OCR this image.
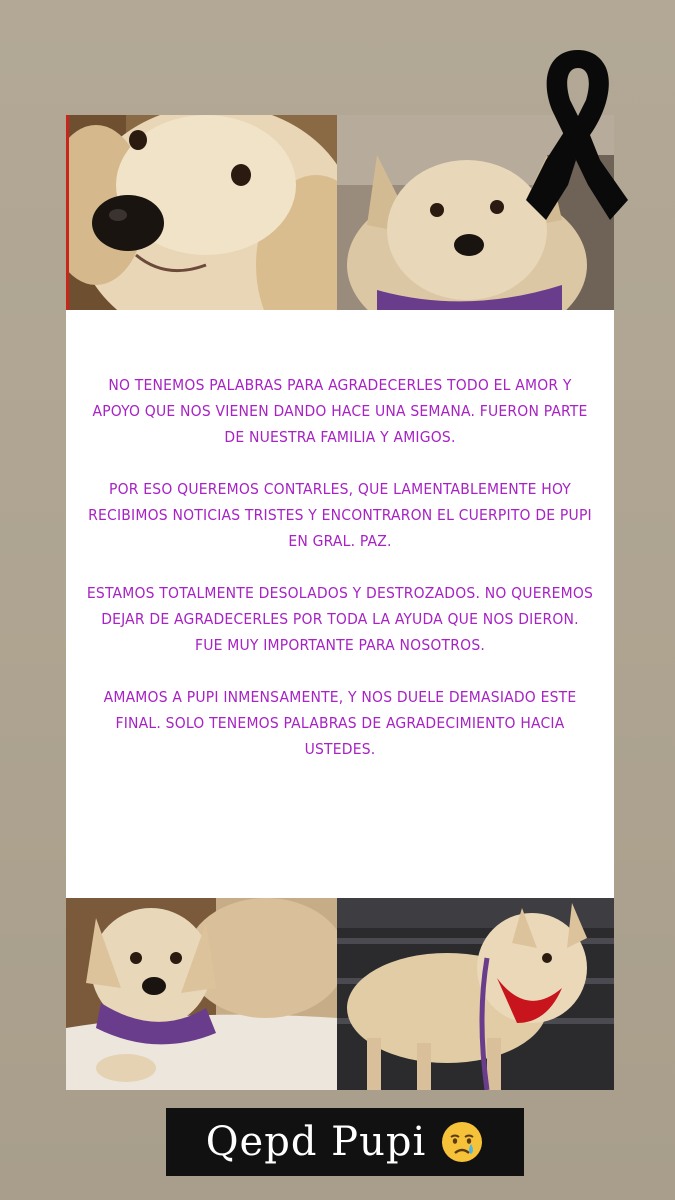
NO TENEMOS PALABRAS PARA AGRADECERLES TODO EL AMOR Y APOYO QUE NOS VIENEN DANDO HACE UNA SEMANA. FUERON PARTE DE NUESTRA FAMILIA Y AMIGOS.

POR ESO QUEREMOS CONTARLES, QUE LAMENTABLEMENTE HOY RECIBIMOS NOTICIAS TRISTES Y ENCONTRARON EL CUERPITO DE PUPI EN GRAL. PAZ.

ESTAMOS TOTALMENTE DESOLADOS Y DESTROZADOS. NO QUEREMOS DEJAR DE AGRADECERLES POR TODA LA AYUDA QUE NOS DIERON. FUE MUY IMPORTANTE PARA NOSOTROS.

AMAMOS A PUPI INMENSAMENTE, Y NOS DUELE DEMASIADO ESTE FINAL. SOLO TENEMOS PALABRAS DE AGRADECIMIENTO HACIA USTEDES.

Qepd Pupi
